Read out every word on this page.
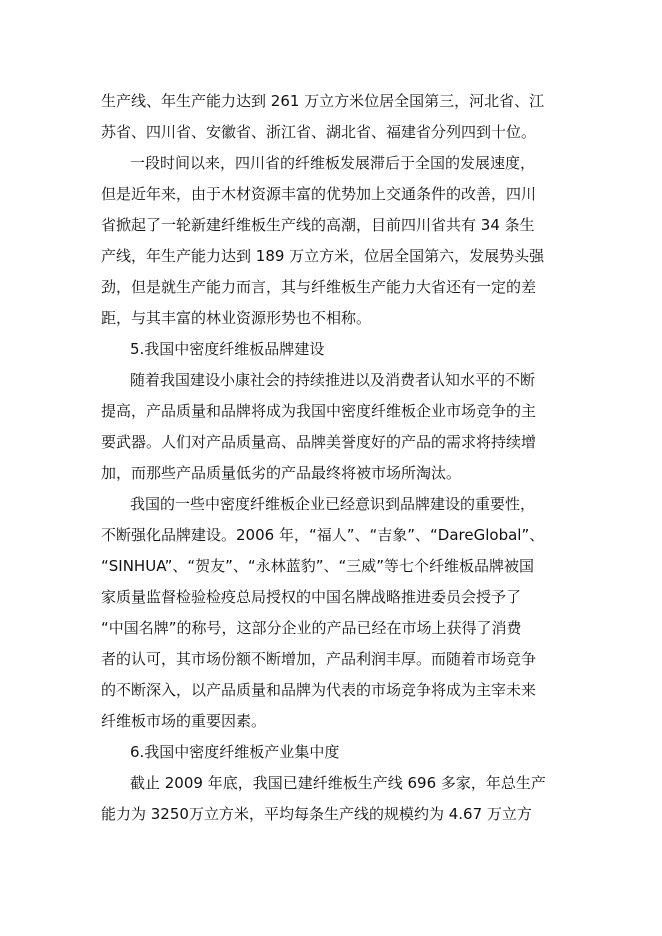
生产线、年生产能力达到 261 万立方米位居全国第三，河北省、江

苏省、四川省、安徽省、浙江省、湖北省、福建省分列四到十位。

一段时间以来，四川省的纤维板发展滞后于全国的发展速度，

但是近年来，由于木材资源丰富的优势加上交通条件的改善，四川

省掀起了一轮新建纤维板生产线的高潮，目前四川省共有 34 条生

产线，年生产能力达到 189 万立方米，位居全国第六，发展势头强

劲，但是就生产能力而言，其与纤维板生产能力大省还有一定的差

距，与其丰富的林业资源形势也不相称。

5.我国中密度纤维板品牌建设

随着我国建设小康社会的持续推进以及消费者认知水平的不断

提高，产品质量和品牌将成为我国中密度纤维板企业市场竞争的主

要武器。人们对产品质量高、品牌美誉度好的产品的需求将持续增

加，而那些产品质量低劣的产品最终将被市场所淘汰。

我国的一些中密度纤维板企业已经意识到品牌建设的重要性，

不断强化品牌建设。2006 年，“福人”、“吉象”、“DareGlobal”、

“SINHUA”、“贺友”、“永林蓝豹”、“三威”等七个纤维板品牌被国

家质量监督检验检疫总局授权的中国名牌战略推进委员会授予了

“中国名牌”的称号，这部分企业的产品已经在市场上获得了消费

者的认可，其市场份额不断增加，产品利润丰厚。而随着市场竞争

的不断深入，以产品质量和品牌为代表的市场竞争将成为主宰未来

纤维板市场的重要因素。

6.我国中密度纤维板产业集中度

截止 2009 年底，我国已建纤维板生产线 696 多家，年总生产

能力为 3250万立方米，平均每条生产线的规模约为 4.67 万立方
